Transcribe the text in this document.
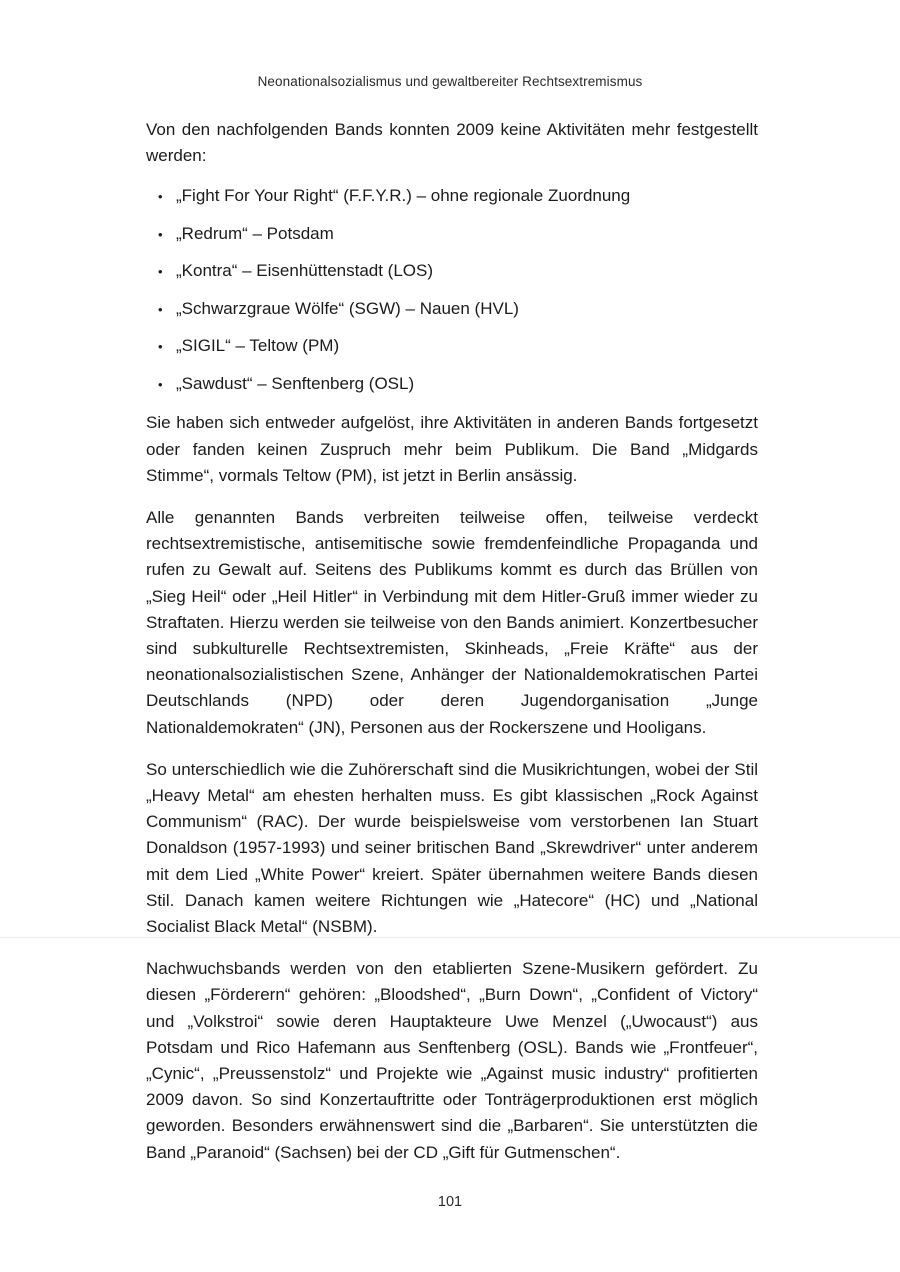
Neonationalsozialismus und gewaltbereiter Rechtsextremismus

Von den nachfolgenden Bands konnten 2009 keine Aktivitäten mehr festgestellt werden:

• „Fight For Your Right“ (F.F.Y.R.) – ohne regionale Zuordnung
• „Redrum“ – Potsdam
• „Kontra“ – Eisenhüttenstadt (LOS)
• „Schwarzgraue Wölfe“ (SGW) – Nauen (HVL)
• „SIGIL“ – Teltow (PM)
• „Sawdust“ – Senftenberg (OSL)

Sie haben sich entweder aufgelöst, ihre Aktivitäten in anderen Bands fortgesetzt oder fanden keinen Zuspruch mehr beim Publikum. Die Band „Midgards Stimme“, vormals Teltow (PM), ist jetzt in Berlin ansässig.

Alle genannten Bands verbreiten teilweise offen, teilweise verdeckt rechtsextremistische, antisemitische sowie fremdenfeindliche Propaganda und rufen zu Gewalt auf. Seitens des Publikums kommt es durch das Brüllen von „Sieg Heil“ oder „Heil Hitler“ in Verbindung mit dem Hitler-Gruß immer wieder zu Straftaten. Hierzu werden sie teilweise von den Bands animiert. Konzertbesucher sind subkulturelle Rechtsextremisten, Skinheads, „Freie Kräfte“ aus der neonationalsozialistischen Szene, Anhänger der Nationaldemokratischen Partei Deutschlands (NPD) oder deren Jugendorganisation „Junge Nationaldemokraten“ (JN), Personen aus der Rockerszene und Hooligans.

So unterschiedlich wie die Zuhörerschaft sind die Musikrichtungen, wobei der Stil „Heavy Metal“ am ehesten herhalten muss. Es gibt klassischen „Rock Against Communism“ (RAC). Der wurde beispielsweise vom verstorbenen Ian Stuart Donaldson (1957-1993) und seiner britischen Band „Skrewdriver“ unter anderem mit dem Lied „White Power“ kreiert. Später übernahmen weitere Bands diesen Stil. Danach kamen weitere Richtungen wie „Hatecore“ (HC) und „National Socialist Black Metal“ (NSBM).

Nachwuchsbands werden von den etablierten Szene-Musikern gefördert. Zu diesen „Förderern“ gehören: „Bloodshed“, „Burn Down“, „Confident of Victory“ und „Volkstroi“ sowie deren Hauptakteure Uwe Menzel („Uwocaust“) aus Potsdam und Rico Hafemann aus Senftenberg (OSL). Bands wie „Frontfeuer“, „Cynic“, „Preussenstolz“ und Projekte wie „Against music industry“ profitierten 2009 davon. So sind Konzertauftritte oder Tonträgerproduktionen erst möglich geworden. Besonders erwähnenswert sind die „Barbaren“. Sie unterstützten die Band „Paranoid“ (Sachsen) bei der CD „Gift für Gutmenschen“.

101
